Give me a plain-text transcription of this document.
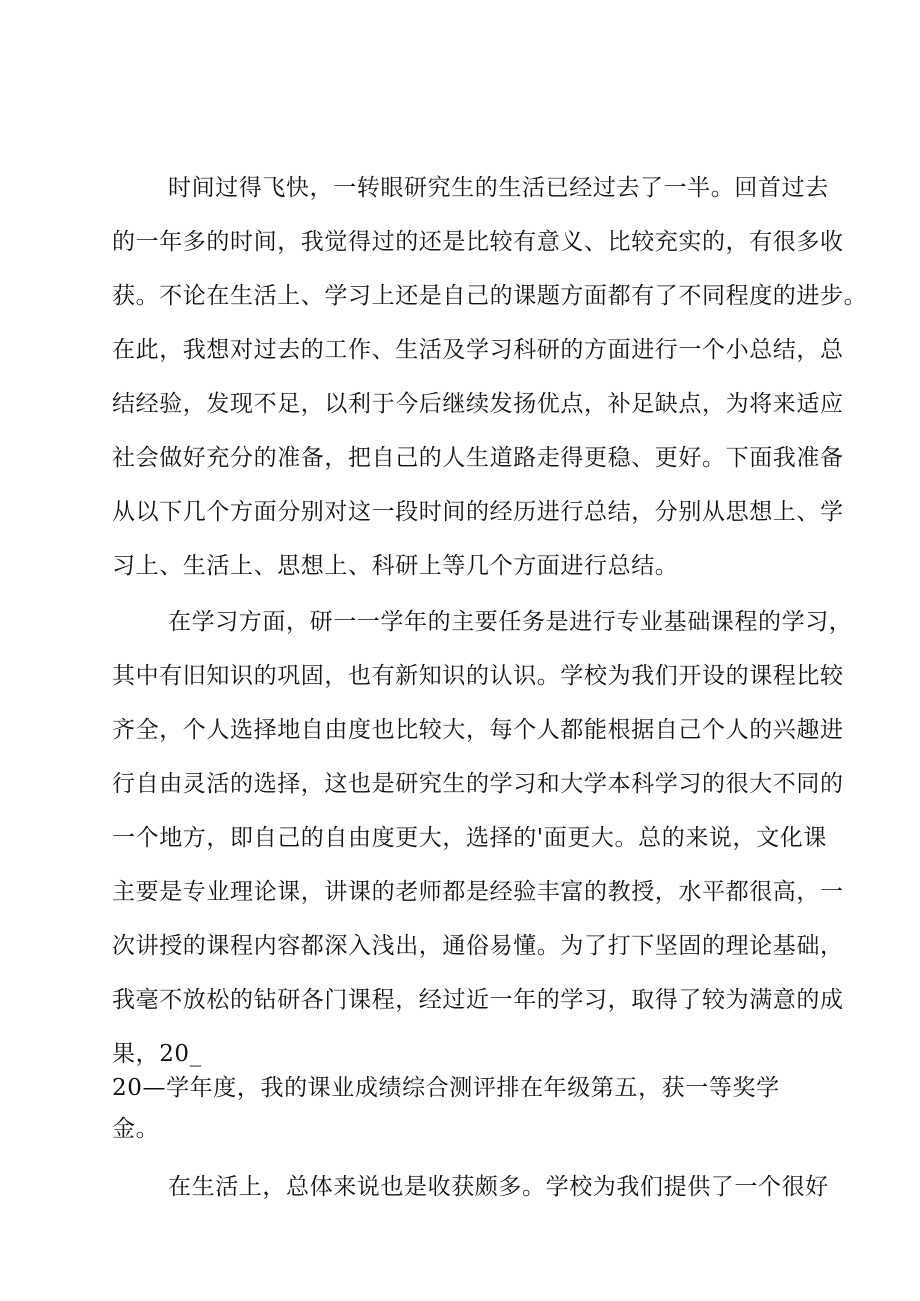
时间过得飞快，一转眼研究生的生活已经过去了一半。回首过去
的一年多的时间，我觉得过的还是比较有意义、比较充实的，有很多收
获。不论在生活上、学习上还是自己的课题方面都有了不同程度的进步。
在此，我想对过去的工作、生活及学习科研的方面进行一个小总结，总
结经验，发现不足，以利于今后继续发扬优点，补足缺点，为将来适应
社会做好充分的准备，把自己的人生道路走得更稳、更好。下面我准备
从以下几个方面分别对这一段时间的经历进行总结，分别从思想上、学
习上、生活上、思想上、科研上等几个方面进行总结。
在学习方面，研一一学年的主要任务是进行专业基础课程的学习，
其中有旧知识的巩固，也有新知识的认识。学校为我们开设的课程比较
齐全，个人选择地自由度也比较大，每个人都能根据自己个人的兴趣进
行自由灵活的选择，这也是研究生的学习和大学本科学习的很大不同的
一个地方，即自己的自由度更大，选择的'面更大。总的来说，文化课
主要是专业理论课，讲课的老师都是经验丰富的教授，水平都很高，一
次讲授的课程内容都深入浅出，通俗易懂。为了打下坚固的理论基础，
我毫不放松的钻研各门课程，经过近一年的学习，取得了较为满意的成
果，20_
20—学年度，我的课业成绩综合测评排在年级第五，获一等奖学
金。
在生活上，总体来说也是收获颇多。学校为我们提供了一个很好
